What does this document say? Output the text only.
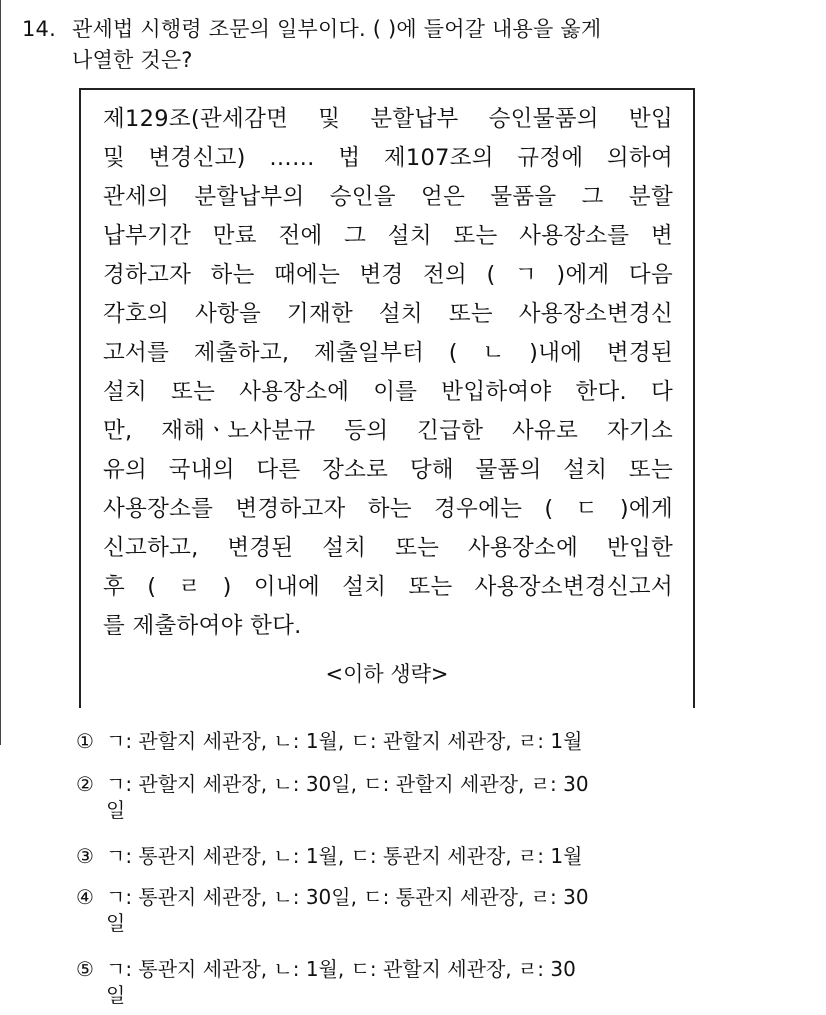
14. 관세법 시행령 조문의 일부이다. ( )에 들어갈 내용을 옳게
나열한 것은?
제129조(관세감면 및 분할납부 승인물품의 반입
및 변경신고) …… 법 제107조의 규정에 의하여
관세의 분할납부의 승인을 얻은 물품을 그 분할
납부기간 만료 전에 그 설치 또는 사용장소를 변
경하고자 하는 때에는 변경 전의 ( ㄱ )에게 다음
각호의 사항을 기재한 설치 또는 사용장소변경신
고서를 제출하고, 제출일부터 ( ㄴ )내에 변경된
설치 또는 사용장소에 이를 반입하여야 한다. 다
만, 재해ㆍ노사분규 등의 긴급한 사유로 자기소
유의 국내의 다른 장소로 당해 물품의 설치 또는
사용장소를 변경하고자 하는 경우에는 ( ㄷ )에게
신고하고, 변경된 설치 또는 사용장소에 반입한
후 ( ㄹ ) 이내에 설치 또는 사용장소변경신고서
를 제출하여야 한다.
<이하 생략>
① ㄱ: 관할지 세관장, ㄴ: 1월, ㄷ: 관할지 세관장, ㄹ: 1월
② ㄱ: 관할지 세관장, ㄴ: 30일, ㄷ: 관할지 세관장, ㄹ: 30
일
③ ㄱ: 통관지 세관장, ㄴ: 1월, ㄷ: 통관지 세관장, ㄹ: 1월
④ ㄱ: 통관지 세관장, ㄴ: 30일, ㄷ: 통관지 세관장, ㄹ: 30
일
⑤ ㄱ: 통관지 세관장, ㄴ: 1월, ㄷ: 관할지 세관장, ㄹ: 30
일
